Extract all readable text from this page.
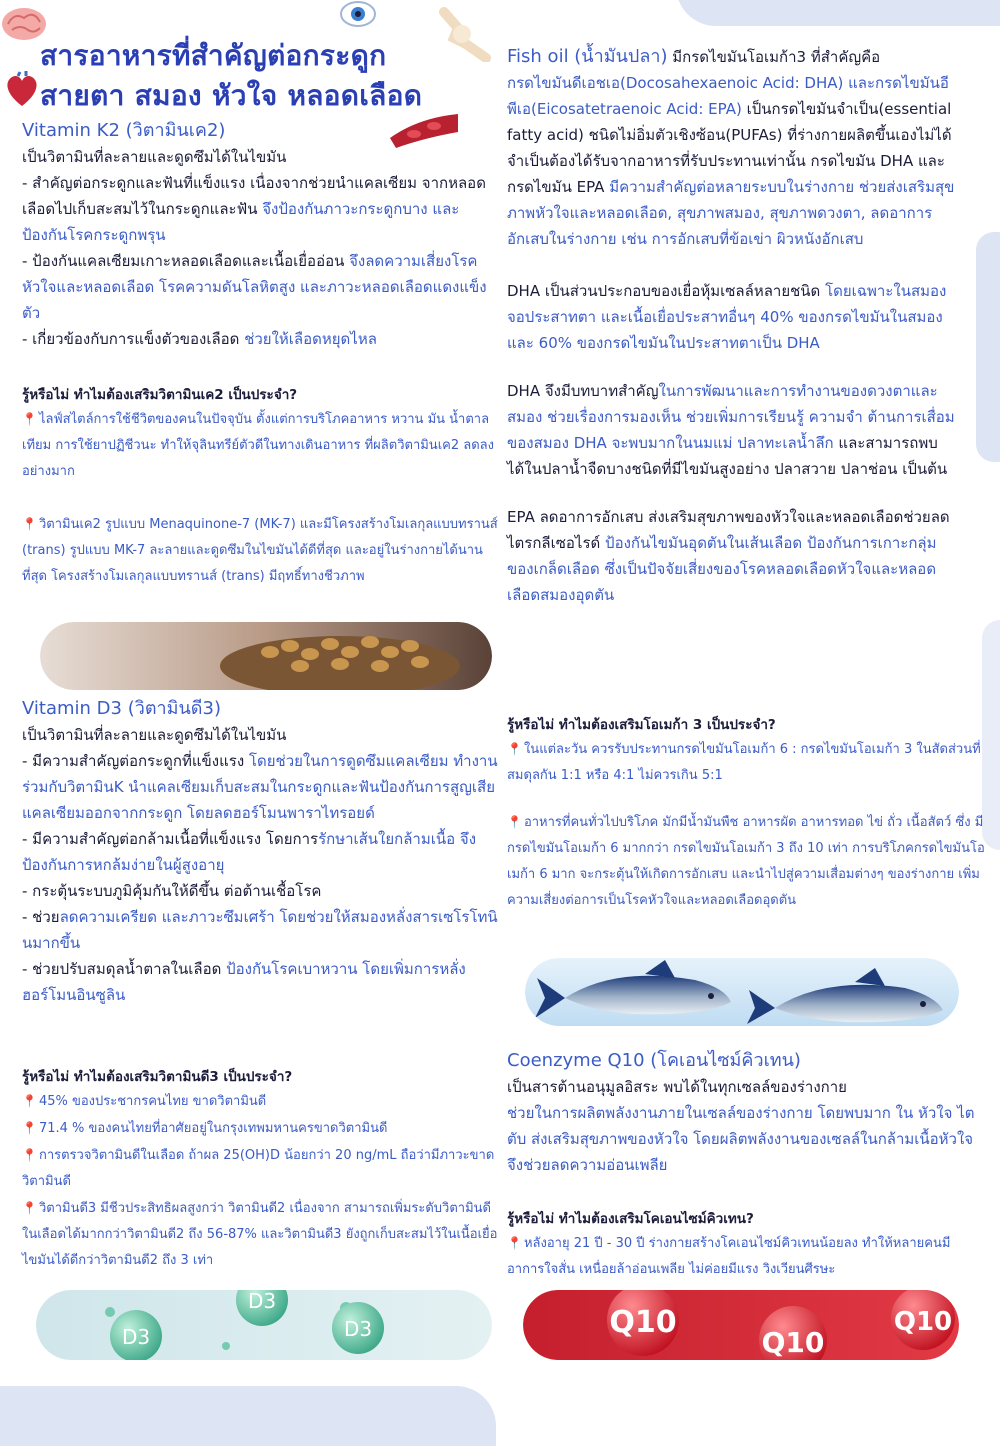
สารอาหารที่สำคัญต่อกระดูก
สายตา สมอง หัวใจ หลอดเลือด

Vitamin K2 (วิตามินเค2)

เป็นวิตามินที่ละลายและดูดซึมได้ในไขมัน

- สำคัญต่อกระดูกและฟันที่แข็งแรง เนื่องจากช่วยนำแคลเซียม จากหลอดเลือดไปเก็บสะสมไว้ในกระดูกและฟัน จึงป้องกันภาวะกระดูกบาง และป้องกันโรคกระดูกพรุน

- ป้องกันแคลเซียมเกาะหลอดเลือดและเนื้อเยื่ออ่อน จึงลดความเสี่ยงโรคหัวใจและหลอดเลือด โรคความดันโลหิตสูง และภาวะหลอดเลือดแดงแข็งตัว

- เกี่ยวข้องกับการแข็งตัวของเลือด ช่วยให้เลือดหยุดไหล

รู้หรือไม่ ทำไมต้องเสริมวิตามินเค2 เป็นประจำ?

📍 ไลฟ์สไตล์การใช้ชีวิตของคนในปัจจุบัน ตั้งแต่การบริโภคอาหาร หวาน มัน น้ำตาลเทียม การใช้ยาปฏิชีวนะ ทำให้จุลินทรีย์ตัวดีในทางเดินอาหาร ที่ผลิตวิตามินเค2 ลดลงอย่างมาก

📍 วิตามินเค2 รูปแบบ Menaquinone-7 (MK-7) และมีโครงสร้างโมเลกุลแบบทรานส์ (trans) รูปแบบ MK-7 ละลายและดูดซึมในไขมันได้ดีที่สุด และอยู่ในร่างกายได้นานที่สุด โครงสร้างโมเลกุลแบบทรานส์ (trans) มีฤทธิ์ทางชีวภาพ

Vitamin D3 (วิตามินดี3)

เป็นวิตามินที่ละลายและดูดซึมได้ในไขมัน

- มีความสำคัญต่อกระดูกที่แข็งแรง โดยช่วยในการดูดซึมแคลเซียม ทำงานร่วมกับวิตามินK นำแคลเซียมเก็บสะสมในกระดูกและฟันป้องกันการสูญเสียแคลเซียมออกจากกระดูก โดยลดฮอร์โมนพาราไทรอยด์

- มีความสำคัญต่อกล้ามเนื้อที่แข็งแรง โดยการรักษาเส้นใยกล้ามเนื้อ จึงป้องกันการหกล้มง่ายในผู้สูงอายุ

- กระตุ้นระบบภูมิคุ้มกันให้ดีขึ้น ต่อต้านเชื้อโรค

- ช่วยลดความเครียด และภาวะซึมเศร้า โดยช่วยให้สมองหลั่งสารเซโรโทนินมากขึ้น

- ช่วยปรับสมดุลน้ำตาลในเลือด ป้องกันโรคเบาหวาน โดยเพิ่มการหลั่งฮอร์โมนอินซูลิน

รู้หรือไม่ ทำไมต้องเสริมวิตามินดี3 เป็นประจำ?

📍 45% ของประชากรคนไทย ขาดวิตามินดี

📍 71.4 % ของคนไทยที่อาศัยอยู่ในกรุงเทพมหานครขาดวิตามินดี

📍 การตรวจวิตามินดีในเลือด ถ้าผล 25(OH)D น้อยกว่า 20 ng/mL ถือว่ามีภาวะขาดวิตามินดี

📍 วิตามินดี3 มีชีวประสิทธิผลสูงกว่า วิตามินดี2 เนื่องจาก สามารถเพิ่มระดับวิตามินดีในเลือดได้มากกว่าวิตามินดี2 ถึง 56-87% และวิตามินดี3 ยังถูกเก็บสะสมไว้ในเนื้อเยื่อไขมันได้ดีกว่าวิตามินดี2 ถึง 3 เท่า

D3
D3
D3

Fish oil (น้ำมันปลา) มีกรดไขมันโอเมก้า3 ที่สำคัญคือ

กรดไขมันดีเอชเอ(Docosahexaenoic Acid: DHA) และกรดไขมันอีพีเอ(Eicosatetraenoic Acid: EPA) เป็นกรดไขมันจำเป็น(essential fatty acid) ชนิดไม่อิ่มตัวเชิงซ้อน(PUFAs) ที่ร่างกายผลิตขึ้นเองไม่ได้ จำเป็นต้องได้รับจากอาหารที่รับประทานเท่านั้น กรดไขมัน DHA และกรดไขมัน EPA มีความสำคัญต่อหลายระบบในร่างกาย ช่วยส่งเสริมสุขภาพหัวใจและหลอดเลือด, สุขภาพสมอง, สุขภาพดวงตา, ลดอาการอักเสบในร่างกาย เช่น การอักเสบที่ข้อเข่า ผิวหนังอักเสบ

DHA เป็นส่วนประกอบของเยื่อหุ้มเซลล์หลายชนิด โดยเฉพาะในสมอง จอประสาทตา และเนื้อเยื่อประสาทอื่นๆ 40% ของกรดไขมันในสมอง และ 60% ของกรดไขมันในประสาทตาเป็น DHA

DHA จึงมีบทบาทสำคัญในการพัฒนาและการทำงานของดวงตาและสมอง ช่วยเรื่องการมองเห็น ช่วยเพิ่มการเรียนรู้ ความจำ ต้านการเสื่อมของสมอง DHA จะพบมากในนมแม่ ปลาทะเลน้ำลึก และสามารถพบได้ในปลาน้ำจืดบางชนิดที่มีไขมันสูงอย่าง ปลาสวาย ปลาช่อน เป็นต้น

EPA ลดอาการอักเสบ ส่งเสริมสุขภาพของหัวใจและหลอดเลือดช่วยลดไตรกลีเซอไรด์ ป้องกันไขมันอุดตันในเส้นเลือด ป้องกันการเกาะกลุ่มของเกล็ดเลือด ซึ่งเป็นปัจจัยเสี่ยงของโรคหลอดเลือดหัวใจและหลอดเลือดสมองอุดตัน

รู้หรือไม่ ทำไมต้องเสริมโอเมก้า 3 เป็นประจำ?

📍 ในแต่ละวัน ควรรับประทานกรดไขมันโอเมก้า 6 : กรดไขมันโอเมก้า 3 ในสัดส่วนที่สมดุลกัน 1:1 หรือ 4:1 ไม่ควรเกิน 5:1

📍 อาหารที่คนทั่วไปบริโภค มักมีน้ำมันพืช อาหารผัด อาหารทอด ไข่ ถั่ว เนื้อสัตว์ ซึ่ง มีกรดไขมันโอเมก้า 6 มากกว่า กรดไขมันโอเมก้า 3 ถึง 10 เท่า การบริโภคกรดไขมันโอเมก้า 6 มาก จะกระตุ้นให้เกิดการอักเสบ และนำไปสู่ความเสื่อมต่างๆ ของร่างกาย เพิ่มความเสี่ยงต่อการเป็นโรคหัวใจและหลอดเลือดอุดตัน

Coenzyme Q10 (โคเอนไซม์คิวเทน)

เป็นสารต้านอนุมูลอิสระ พบได้ในทุกเซลล์ของร่างกาย

ช่วยในการผลิตพลังงานภายในเซลล์ของร่างกาย โดยพบมาก ใน หัวใจ ไต ตับ ส่งเสริมสุขภาพของหัวใจ โดยผลิตพลังงานของเซลล์ในกล้ามเนื้อหัวใจ จึงช่วยลดความอ่อนเพลีย

รู้หรือไม่ ทำไมต้องเสริมโคเอนไซม์คิวเทน?

📍 หลังอายุ 21 ปี - 30 ปี ร่างกายสร้างโคเอนไซม์คิวเทนน้อยลง ทำให้หลายคนมีอาการใจสั่น เหนื่อยล้าอ่อนเพลีย ไม่ค่อยมีแรง วิงเวียนศีรษะ

Q10
Q10
Q10
